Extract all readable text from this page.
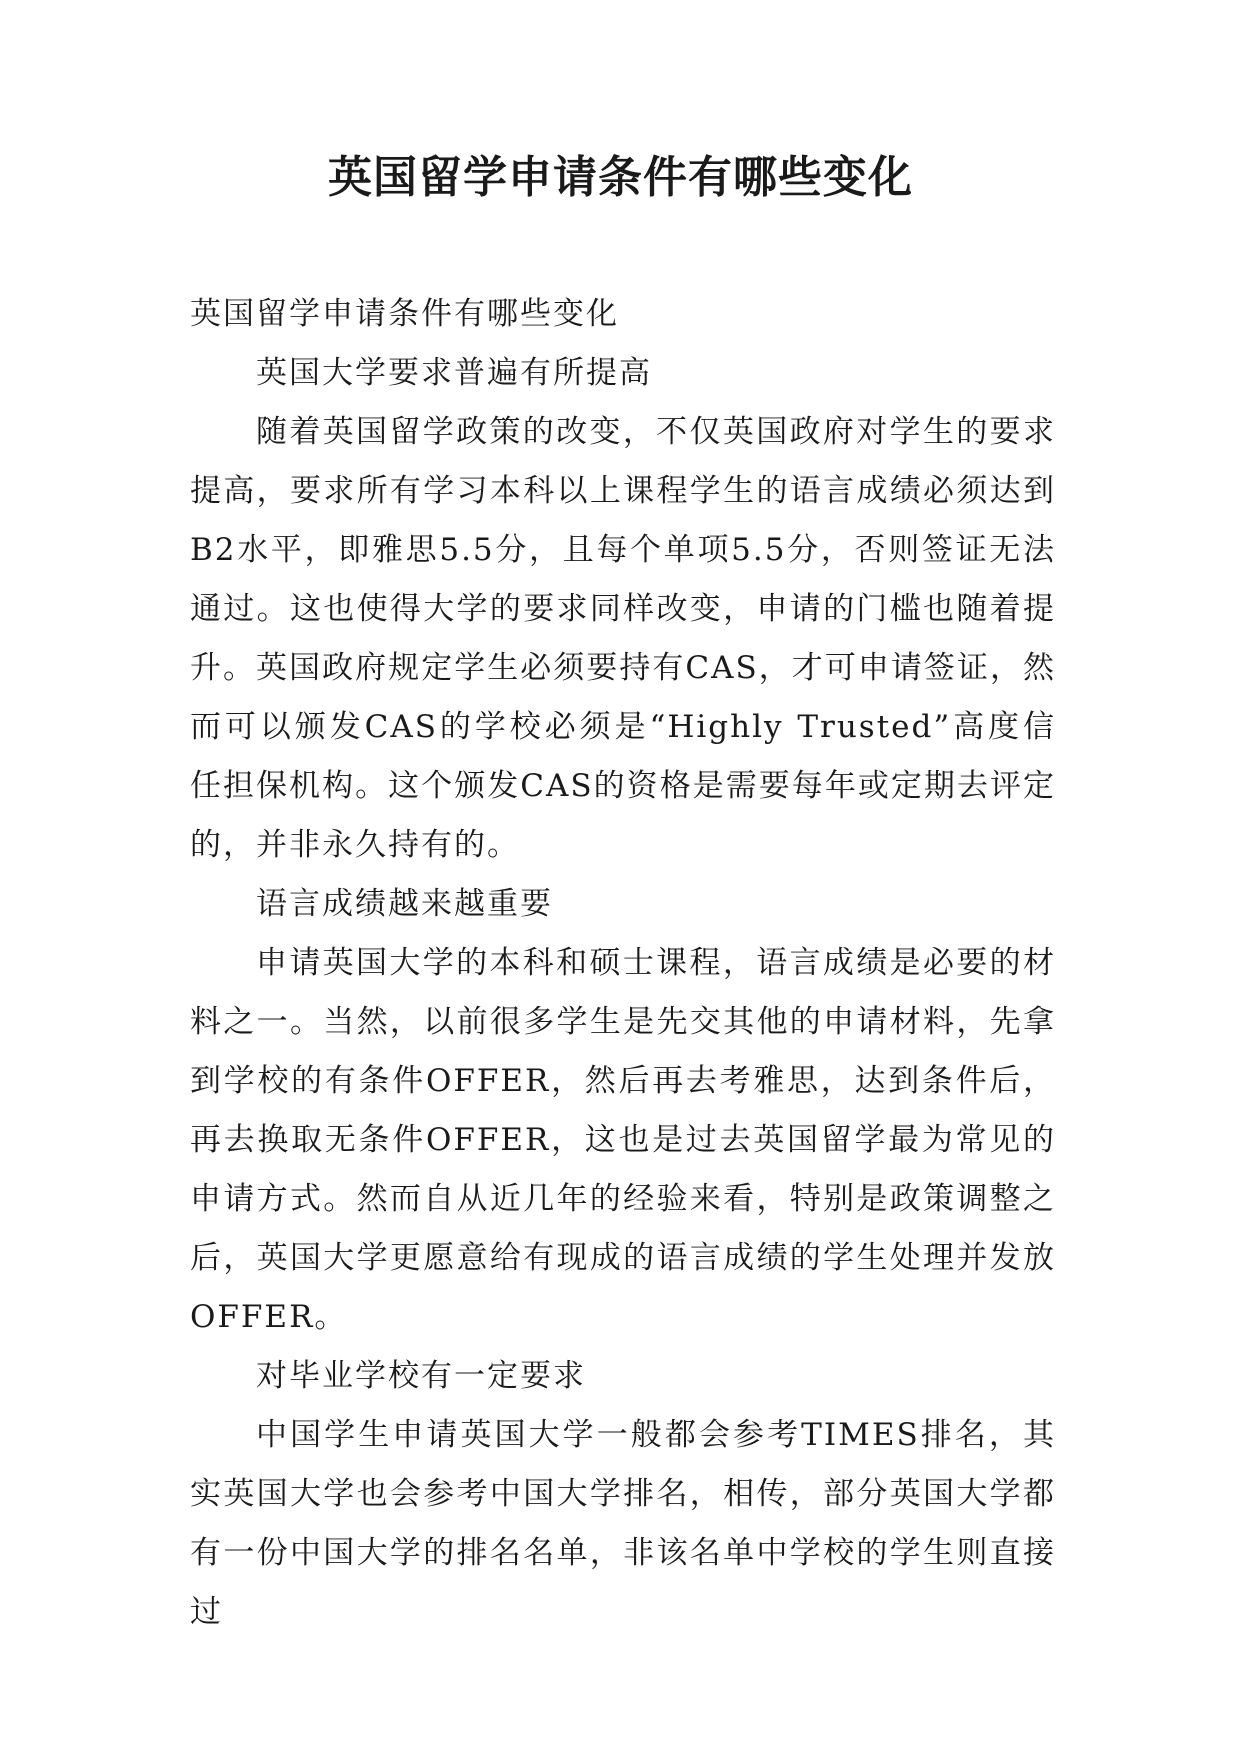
英国留学申请条件有哪些变化

英国留学申请条件有哪些变化

英国大学要求普遍有所提高

随着英国留学政策的改变，不仅英国政府对学生的要求提高，要求所有学习本科以上课程学生的语言成绩必须达到B2水平，即雅思5.5分，且每个单项5.5分，否则签证无法通过。这也使得大学的要求同样改变，申请的门槛也随着提升。英国政府规定学生必须要持有CAS，才可申请签证，然而可以颁发CAS的学校必须是“Highly Trusted”高度信任担保机构。这个颁发CAS的资格是需要每年或定期去评定的，并非永久持有的。

语言成绩越来越重要

申请英国大学的本科和硕士课程，语言成绩是必要的材料之一。当然，以前很多学生是先交其他的申请材料，先拿到学校的有条件OFFER，然后再去考雅思，达到条件后，再去换取无条件OFFER，这也是过去英国留学最为常见的申请方式。然而自从近几年的经验来看，特别是政策调整之后，英国大学更愿意给有现成的语言成绩的学生处理并发放OFFER。

对毕业学校有一定要求

中国学生申请英国大学一般都会参考TIMES排名，其实英国大学也会参考中国大学排名，相传，部分英国大学都有一份中国大学的排名名单，非该名单中学校的学生则直接过
